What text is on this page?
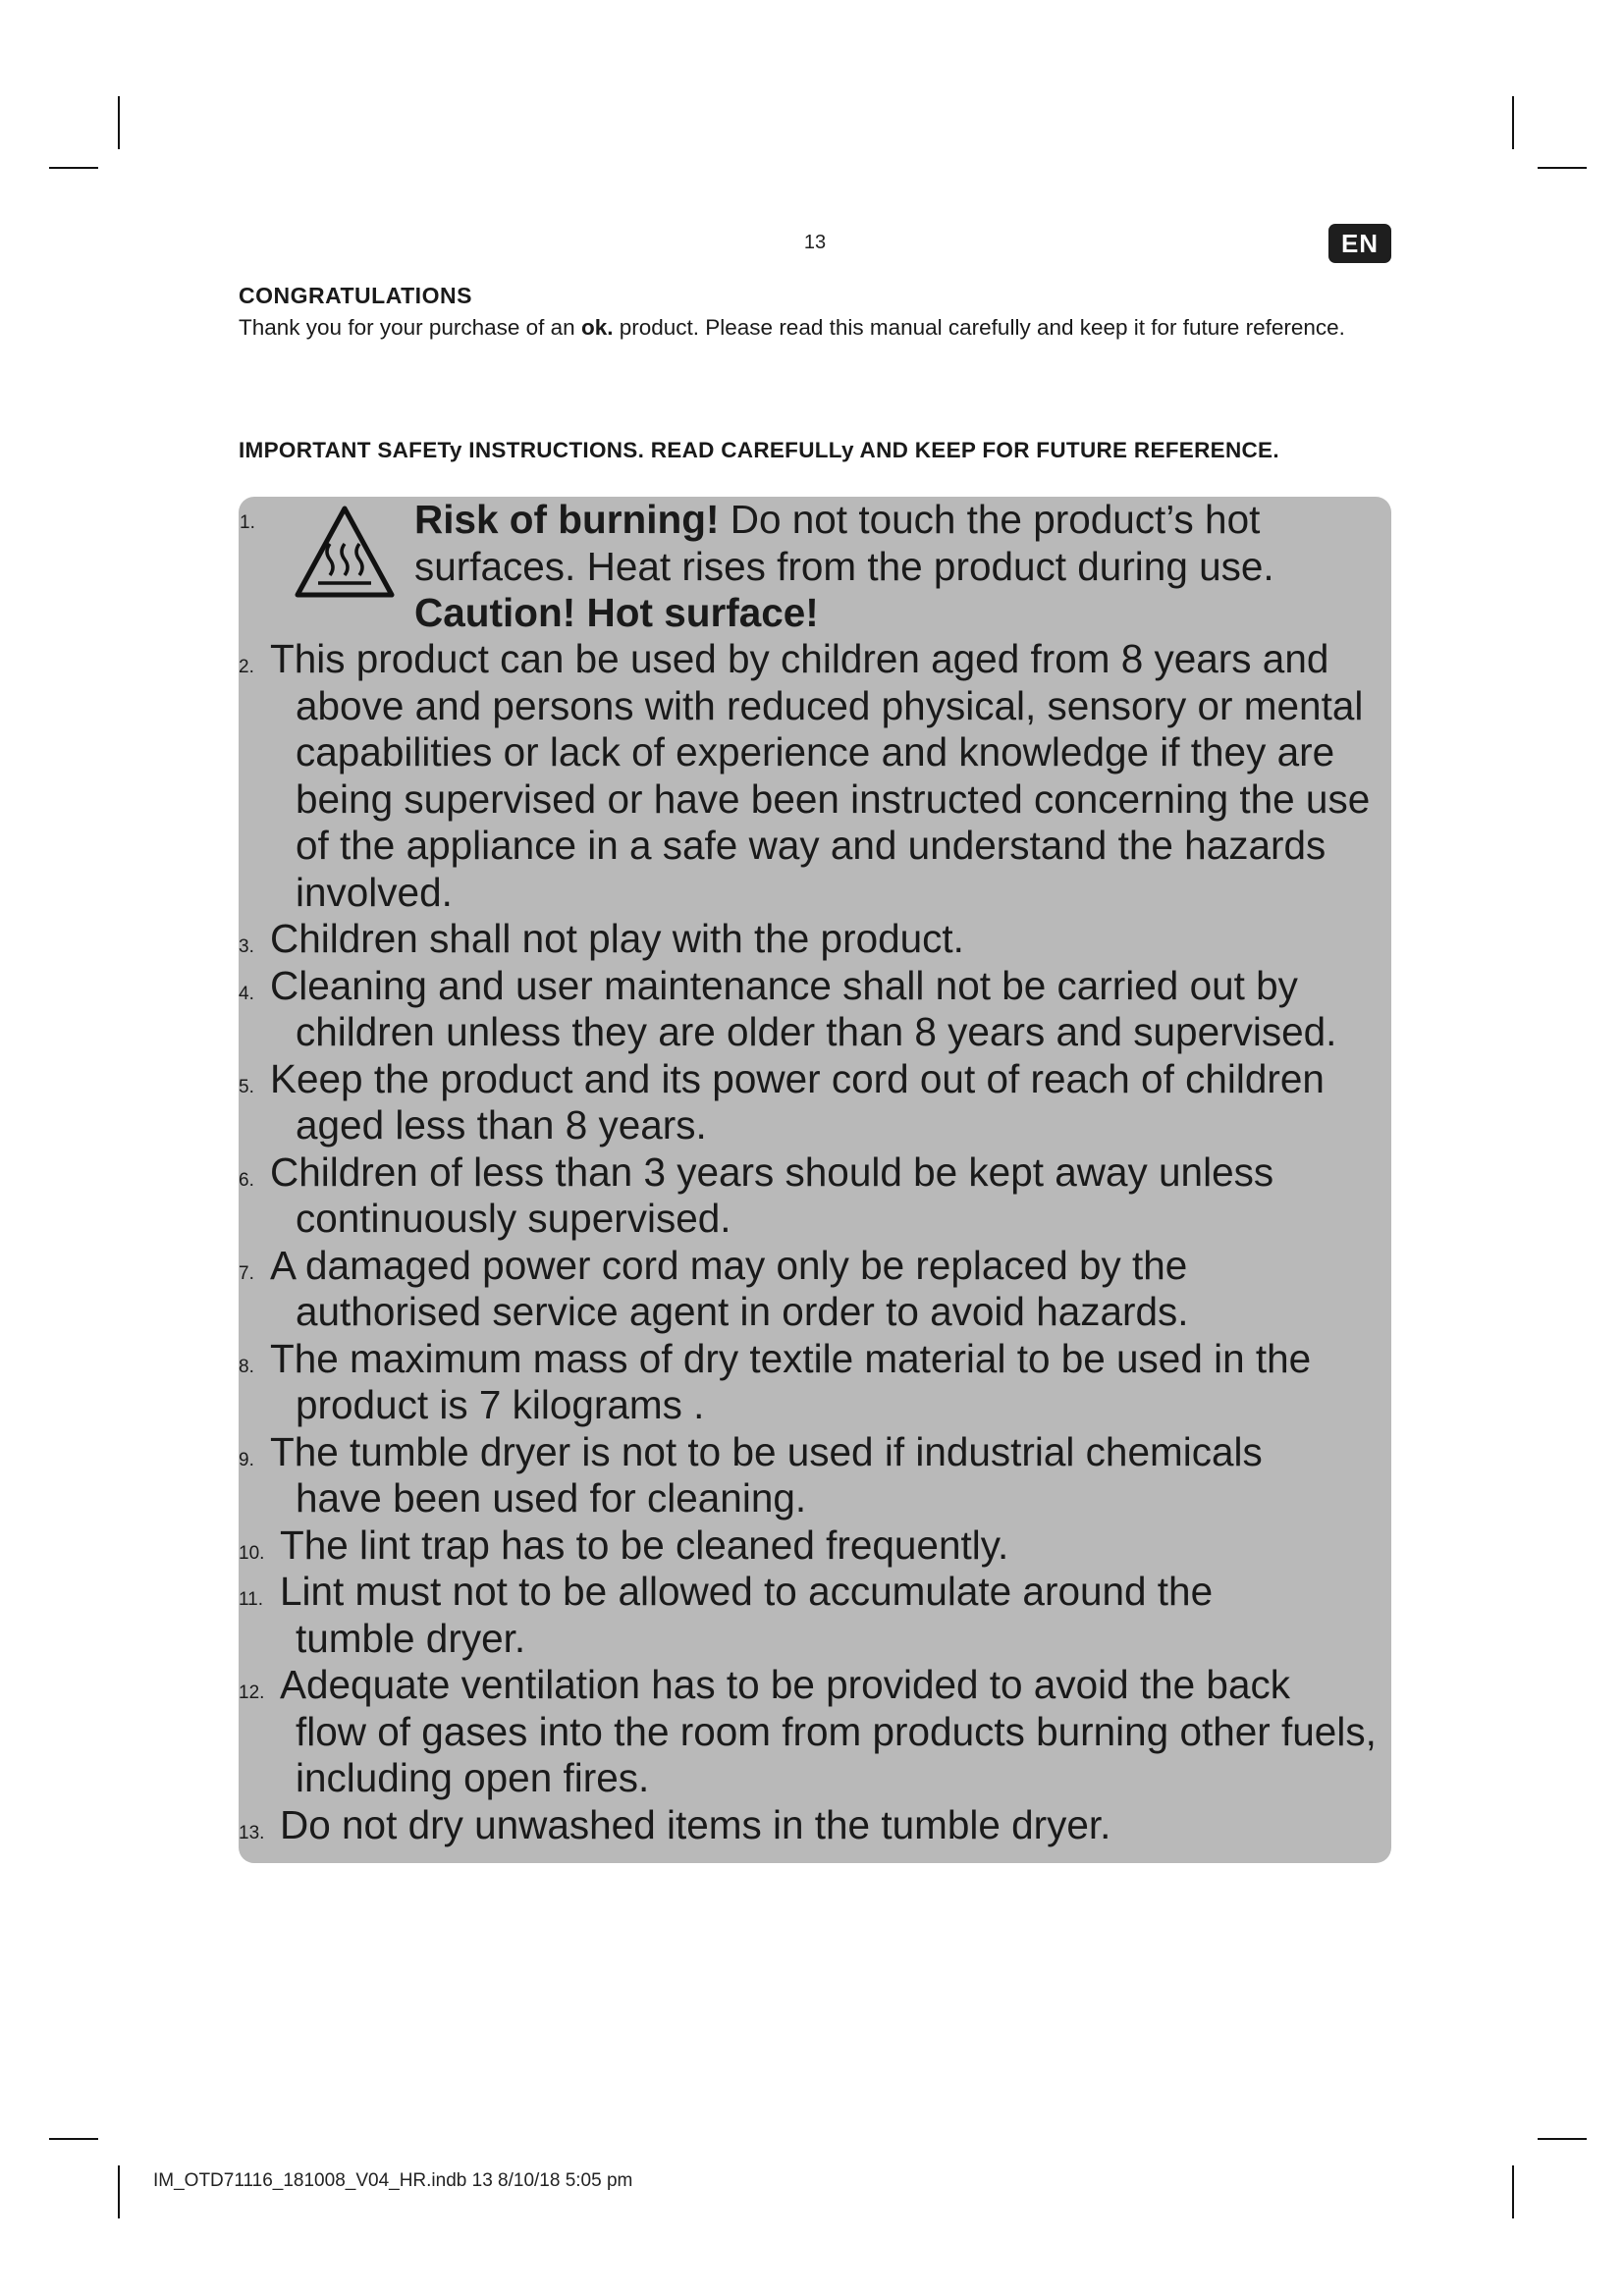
13	EN
CONGRATULATIONS
Thank you for your purchase of an ok. product. Please read this manual carefully and keep it for future reference.
IMPORTANT SAFETy INSTRUCTIONS. READ CAREFULLy AND KEEP FOR FUTURE REFERENCE.
1.	Risk of burning! Do not touch the product’s hot surfaces. Heat rises from the product during use.
Caution! Hot surface!
2. This product can be used by children aged from 8 years and
above and persons with reduced physical, sensory or mental capabilities or lack of experience and knowledge if they are being supervised or have been instructed concerning the use of the appliance in a safe way and understand the hazards involved.
3. Children shall not play with the product.
4. Cleaning and user maintenance shall not be carried out by
children unless they are older than 8 years and supervised.
5. Keep the product and its power cord out of reach of children
aged less than 8 years.
6. Children of less than 3 years should be kept away unless
continuously supervised.
7. A damaged power cord may only be replaced by the
authorised service agent in order to avoid hazards.
8. The maximum mass of dry textile material to be used in the
product is 7 kilograms .
9. The tumble dryer is not to be used if industrial chemicals
have been used for cleaning.
10. The lint trap has to be cleaned frequently.
11. Lint must not to be allowed to accumulate around the
tumble dryer.
12. Adequate ventilation has to be provided to avoid the back
flow of gases into the room from products burning other fuels, including open fires.
13. Do not dry unwashed items in the tumble dryer.
IM_OTD71116_181008_V04_HR.indb 13 8/10/18 5:05 pm
